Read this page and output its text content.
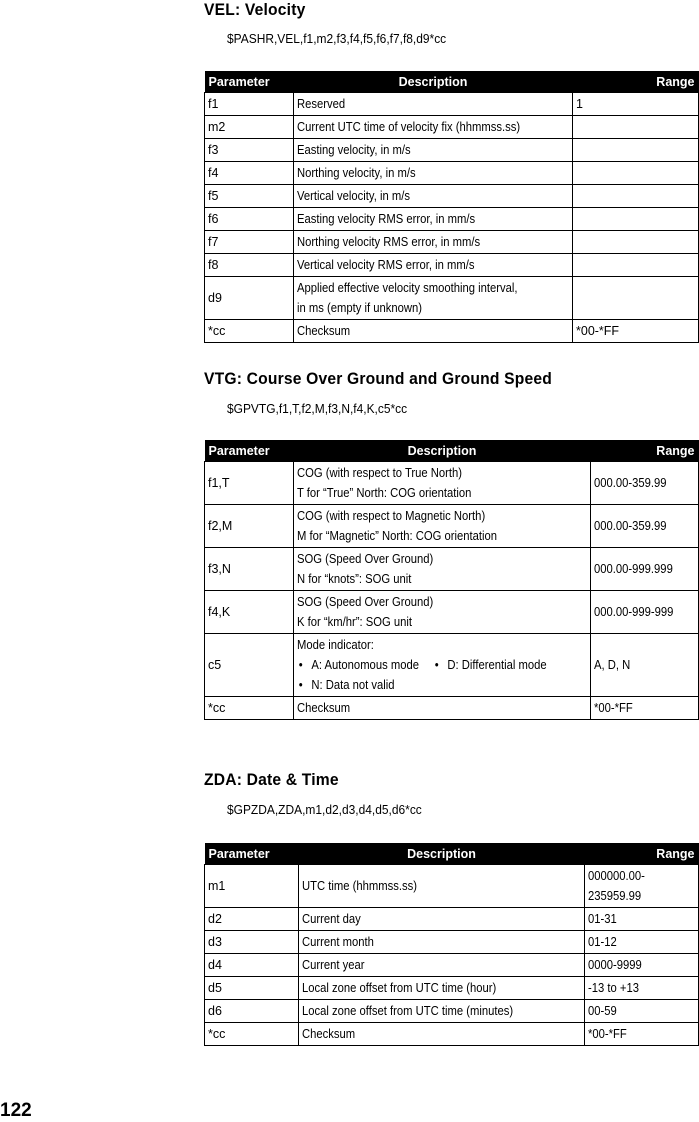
VEL: Velocity
$PASHR,VEL,f1,m2,f3,f4,f5,f6,f7,f8,d9*cc
Parameter	Description	Range
f1	Reserved	1
m2	Current UTC time of velocity fix (hhmmss.ss)	
f3	Easting velocity, in m/s	
f4	Northing velocity, in m/s	
f5	Vertical velocity, in m/s	
f6	Easting velocity RMS error, in mm/s	
f7	Northing velocity RMS error, in mm/s	
f8	Vertical velocity RMS error, in mm/s	
d9	Applied effective velocity smoothing interval,
in ms (empty if unknown)	

*cc	Checksum	*00-*FF
VTG: Course Over Ground and Ground Speed
$GPVTG,f1,T,f2,M,f3,N,f4,K,c5*cc
Parameter	Description	Range
f1,T	COG (with respect to True North)
T for “True” North: COG orientation	000.00-359.99
f2,M	COG (with respect to Magnetic North)
M for “Magnetic” North: COG orientation	000.00-359.99
f3,N	SOG (Speed Over Ground)
N for “knots”: SOG unit	000.00-999.999
f4,K	SOG (Speed Over Ground)
K for “km/hr”: SOG unit	000.00-999-999
c5	Mode indicator:
• A: Autonomous mode • D: Differential mode• N: Data not valid	A, D, N
*cc	Checksum	*00-*FF
ZDA: Date & Time
$GPZDA,ZDA,m1,d2,d3,d4,d5,d6*cc
Parameter	Description	Range
m1	UTC time (hhmmss.ss)	000000.00-
235959.99

d2	Current day	01-31
d3	Current month	01-12
d4	Current year	0000-9999
d5	Local zone offset from UTC time (hour)	-13 to +13
d6	Local zone offset from UTC time (minutes)	00-59
*cc	Checksum	*00-*FF
122
